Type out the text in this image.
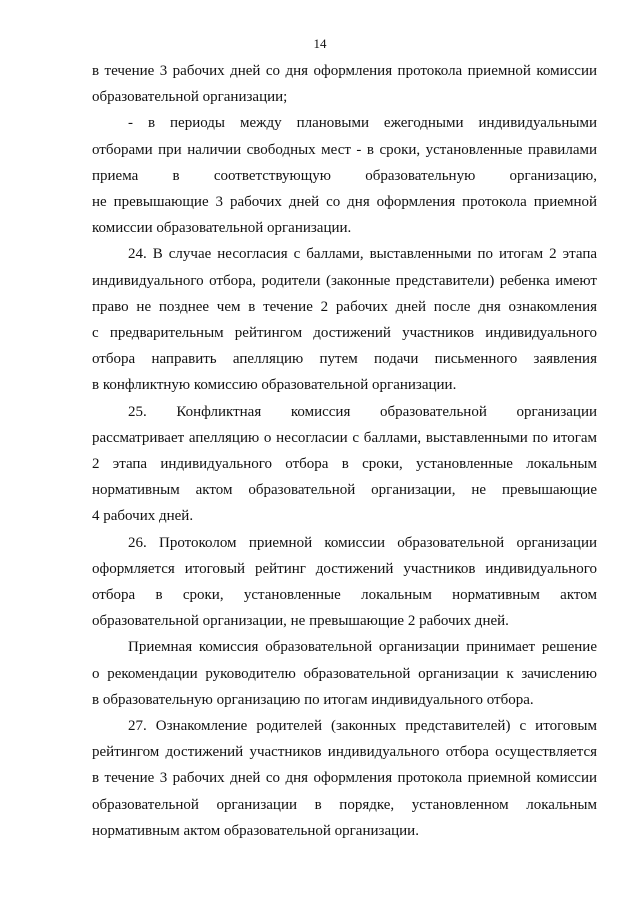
14

в течение 3 рабочих дней со дня оформления протокола приемной комиссии
образовательной организации;

- в периоды между плановыми ежегодными индивидуальными
отборами при наличии свободных мест - в сроки, установленные правилами
приема в соответствующую образовательную организацию,
не превышающие 3 рабочих дней со дня оформления протокола приемной
комиссии образовательной организации.

24. В случае несогласия с баллами, выставленными по итогам 2 этапа
индивидуального отбора, родители (законные представители) ребенка имеют
право не позднее чем в течение 2 рабочих дней после дня ознакомления
с предварительным рейтингом достижений участников индивидуального
отбора направить апелляцию путем подачи письменного заявления
в конфликтную комиссию образовательной организации.

25. Конфликтная комиссия образовательной организации
рассматривает апелляцию о несогласии с баллами, выставленными по итогам
2 этапа индивидуального отбора в сроки, установленные локальным
нормативным актом образовательной организации, не превышающие
4 рабочих дней.

26. Протоколом приемной комиссии образовательной организации
оформляется итоговый рейтинг достижений участников индивидуального
отбора в сроки, установленные локальным нормативным актом
образовательной организации, не превышающие 2 рабочих дней.

Приемная комиссия образовательной организации принимает решение
о рекомендации руководителю образовательной организации к зачислению
в образовательную организацию по итогам индивидуального отбора.

27. Ознакомление родителей (законных представителей) с итоговым
рейтингом достижений участников индивидуального отбора осуществляется
в течение 3 рабочих дней со дня оформления протокола приемной комиссии
образовательной организации в порядке, установленном локальным
нормативным актом образовательной организации.
